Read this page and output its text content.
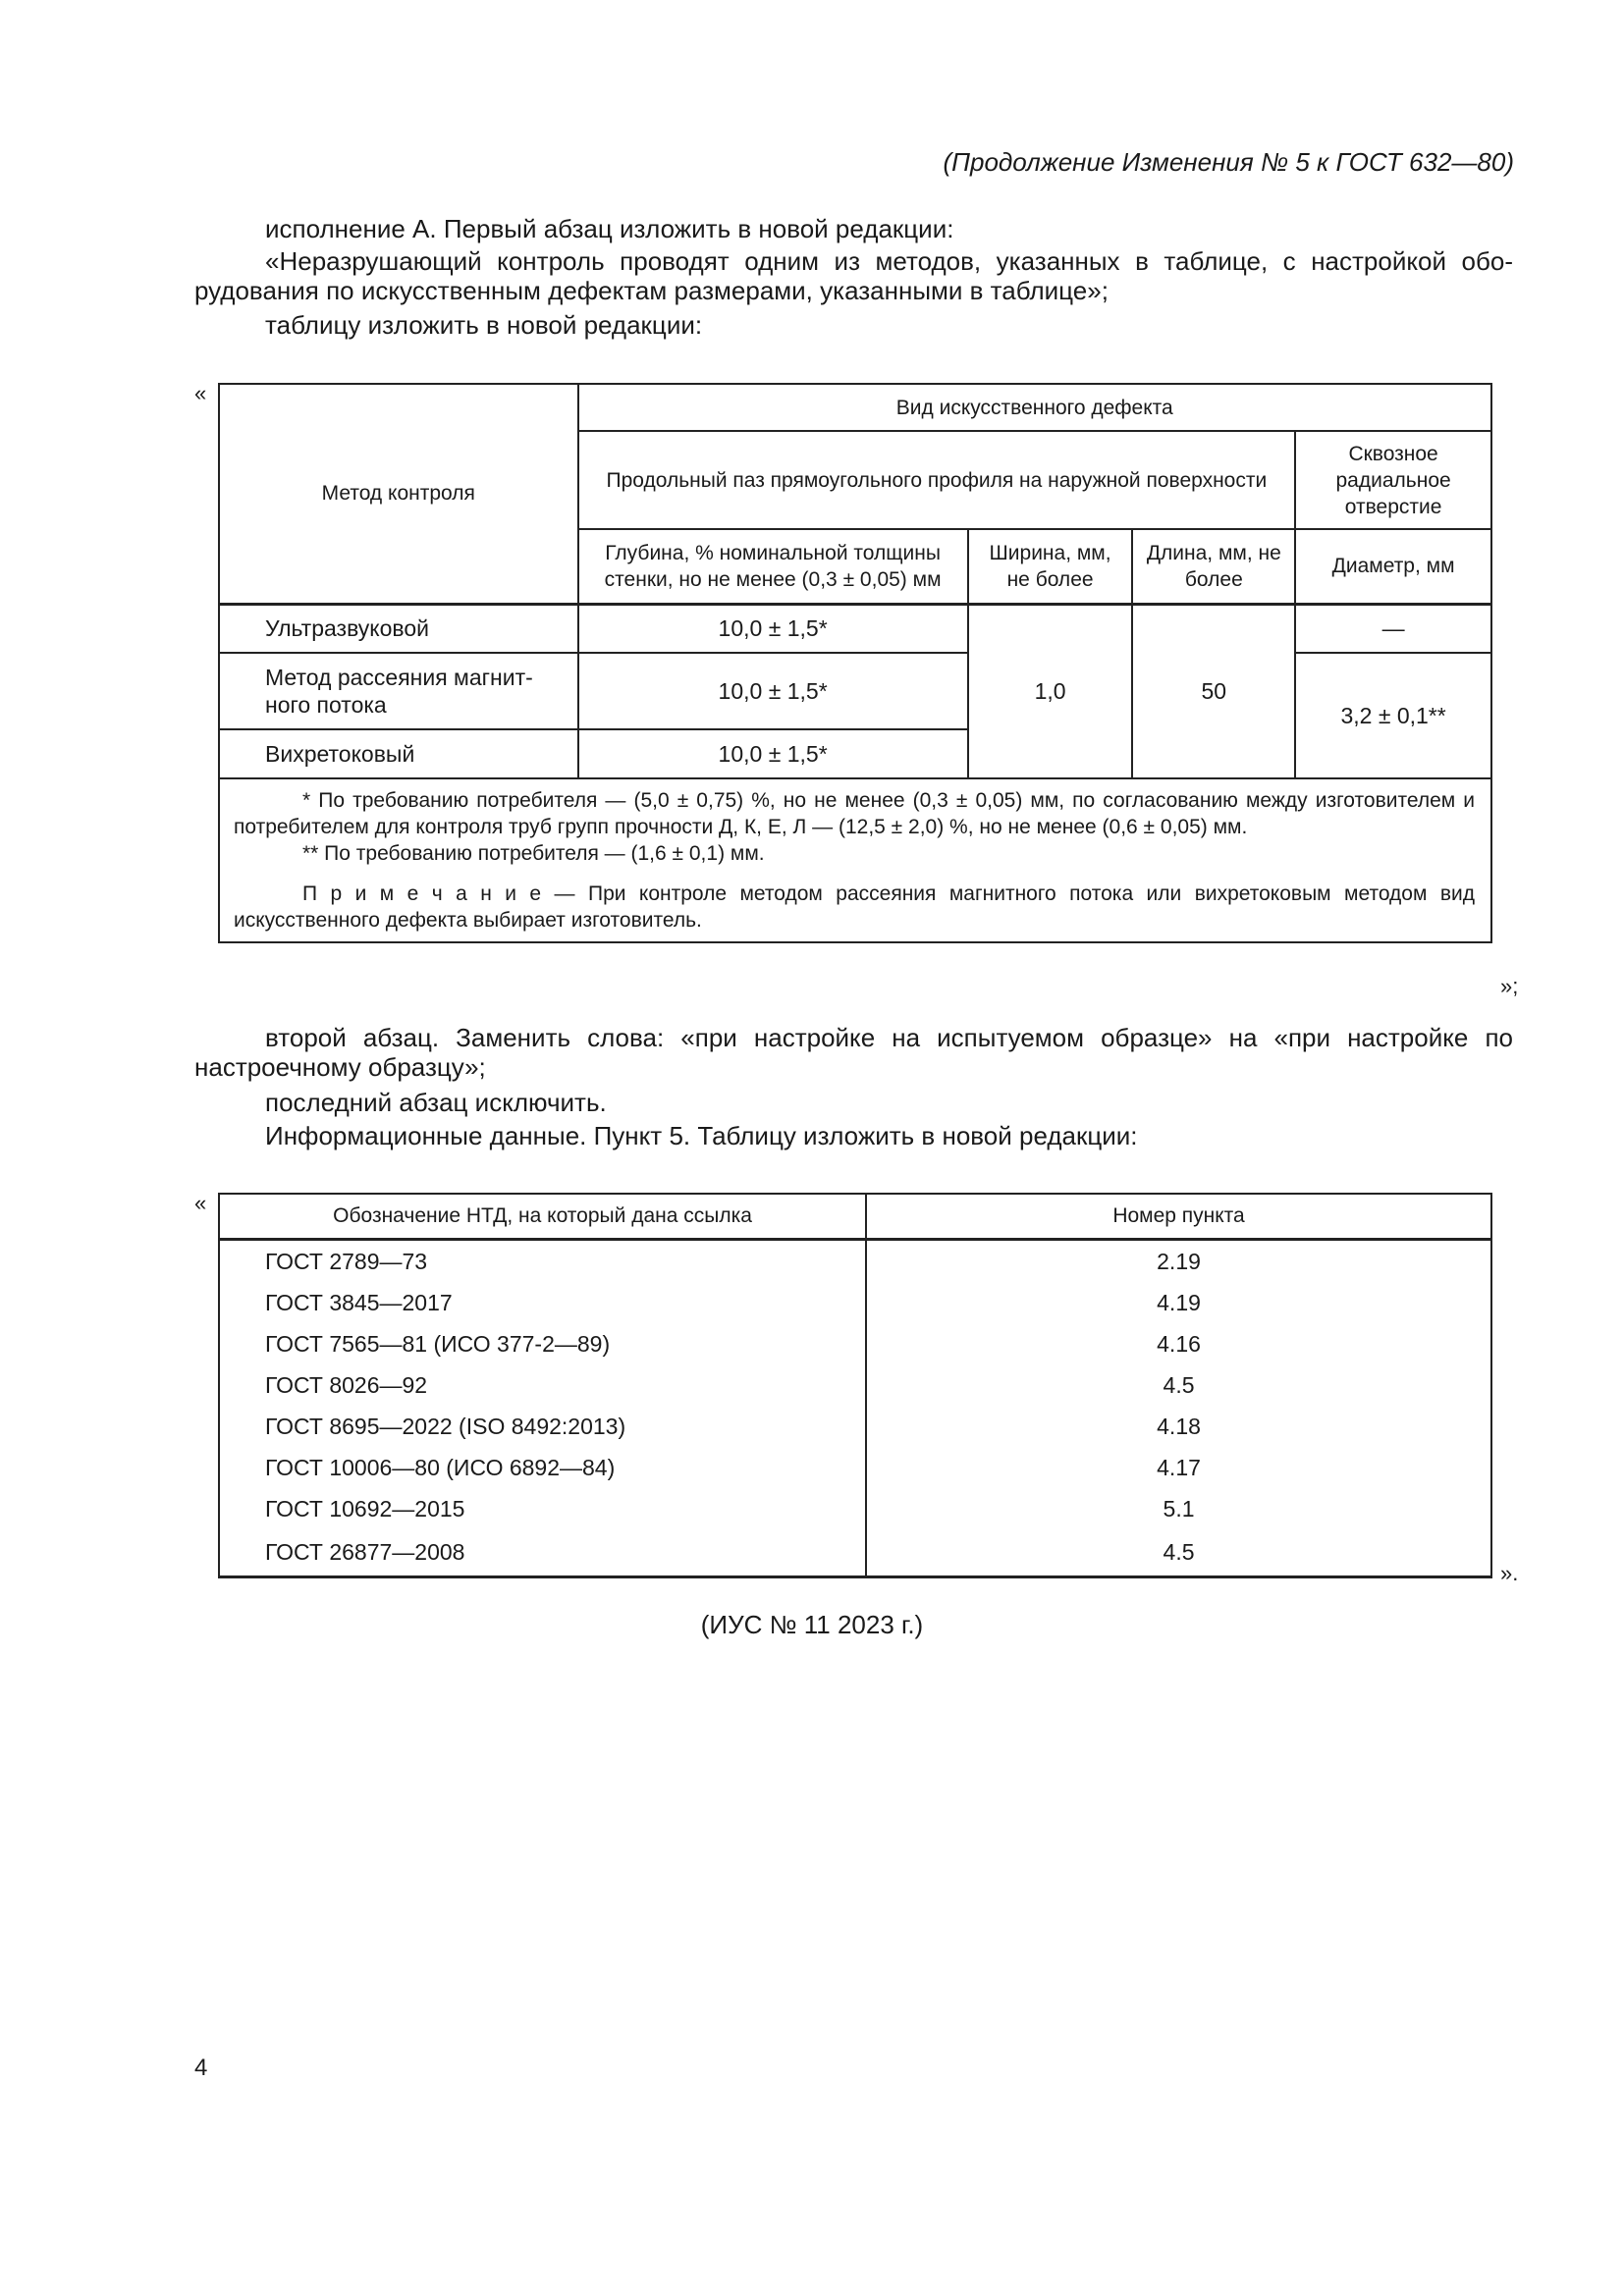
(Продолжение Изменения № 5 к ГОСТ 632—80)
исполнение А. Первый абзац изложить в новой редакции:
«Неразрушающий контроль проводят одним из методов, указанных в таблице, с настройкой обо-рудования по искусственным дефектам размерами, указанными в таблице»;
таблицу изложить в новой редакции:
«
Метод контроля	Вид искусственного дефекта			
	Продольный паз прямоугольного профиля на наружной поверхности			Сквозное радиальное отверстие
	Глубина, % номинальной толщины стенки, но не менее (0,3 ± 0,05) мм	Ширина, мм, не более	Длина, мм, не более	Диаметр, мм
Ультразвуковой	10,0 ± 1,5*	1,0	50	—
Метод рассеяния магнит-ного потока	10,0 ± 1,5*			3,2 ± 0,1**
Вихретоковый	10,0 ± 1,5*			

* По требованию потребителя — (5,0 ± 0,75) %, но не менее (0,3 ± 0,05) мм, по согласованию между изготовителем и потребителем для контроля труб групп прочности Д, К, Е, Л — (12,5 ± 2,0) %, но не менее (0,6 ± 0,05) мм.

** По требованию потребителя — (1,6 ± 0,1) мм.

П р и м е ч а н и е — При контроле методом рассеяния магнитного потока или вихретоковым методом вид искусственного дефекта выбирает изготовитель.				

»;
второй абзац. Заменить слова: «при настройке на испытуемом образце» на «при настройке по настроечному образцу»;
последний абзац исключить.
Информационные данные. Пункт 5. Таблицу изложить в новой редакции:
«
Обозначение НТД, на который дана ссылка	Номер пункта
ГОСТ 2789—73	2.19
ГОСТ 3845—2017	4.19
ГОСТ 7565—81 (ИСО 377-2—89)	4.16
ГОСТ 8026—92	4.5
ГОСТ 8695—2022 (ISO 8492:2013)	4.18
ГОСТ 10006—80 (ИСО 6892—84)	4.17
ГОСТ 10692—2015	5.1
ГОСТ 26877—2008	4.5
».
(ИУС № 11 2023 г.)
4
